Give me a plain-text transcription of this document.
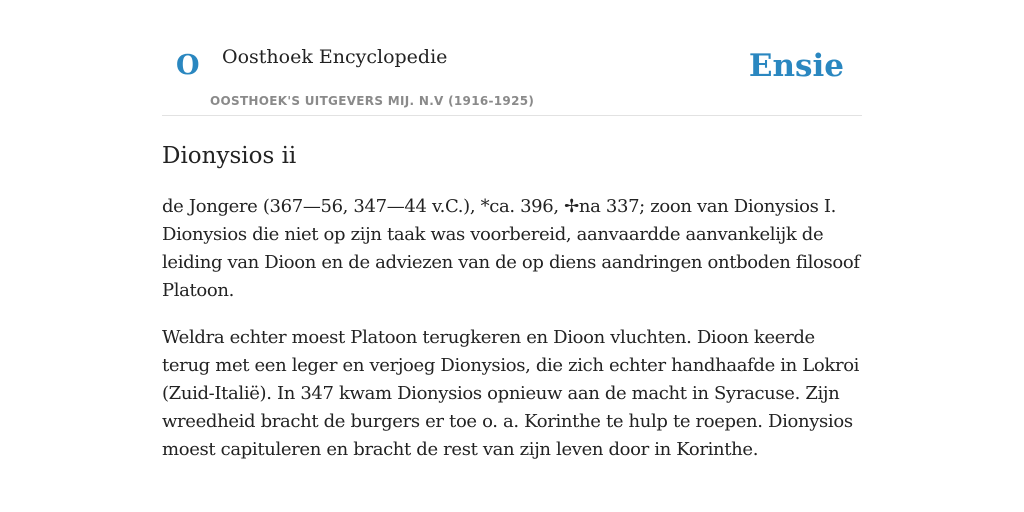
O Oosthoek Encyclopedie
OOSTHOEK'S UITGEVERS MIJ. N.V (1916-1925)
Ensie
Dionysios ii

de Jongere (367—56, 347—44 v.C.), *ca. 396, ✢na 337; zoon van Dionysios I. Dionysios die niet op zijn taak was voorbereid, aanvaardde aanvankelijk de leiding van Dioon en de adviezen van de op diens aandringen ontboden filosoof Platoon.

Weldra echter moest Platoon terugkeren en Dioon vluchten. Dioon keerde terug met een leger en verjoeg Dionysios, die zich echter handhaafde in Lokroi (Zuid-Italië). In 347 kwam Dionysios opnieuw aan de macht in Syracuse. Zijn wreedheid bracht de burgers er toe o. a. Korinthe te hulp te roepen. Dionysios moest capituleren en bracht de rest van zijn leven door in Korinthe.
